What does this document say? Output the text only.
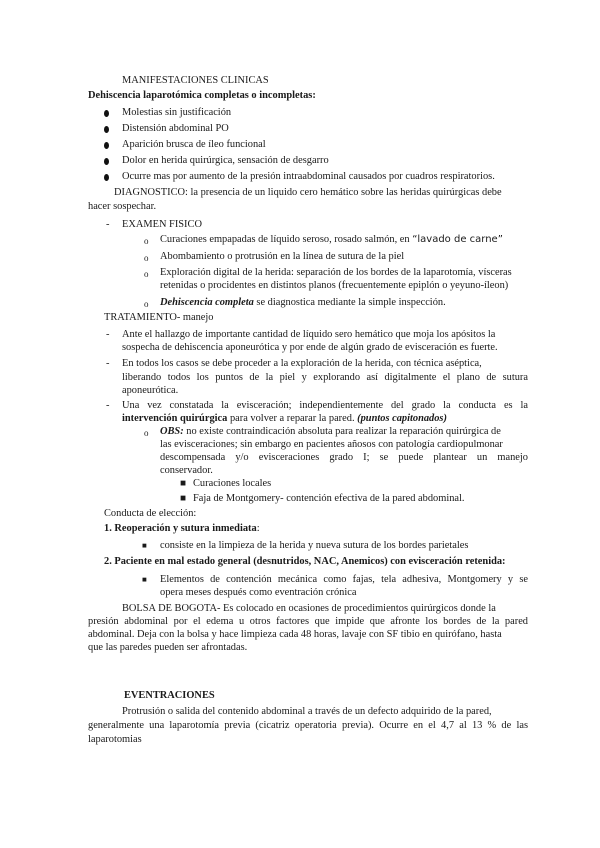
MANIFESTACIONES CLINICAS

Dehiscencia laparotómica completas o incompletas:

Molestias sin justificación

Distensión abdominal PO

Aparición brusca de íleo funcional

Dolor en herida quirúrgica, sensación de desgarro

Ocurre mas por aumento de la presión intraabdominal causados por cuadros respiratorios.

DIAGNOSTICO: la presencia de un liquido cero hemático sobre las heridas quirúrgicas debe

hacer sospechar.

- EXAMEN FISICO

o Curaciones empapadas de líquido seroso, rosado salmón, en “lavado de carne”

o Abombamiento o protrusión en la línea de sutura de la piel

o Exploración digital de la herida: separación de los bordes de la laparotomía, vísceras

retenidas o procidentes en distintos planos (frecuentemente epiplón o yeyuno-íleon)

o Dehiscencia completa se diagnostica mediante la simple inspección.

TRATAMIENTO- manejo

- Ante el hallazgo de importante cantidad de líquido sero hemático que moja los apósitos la

sospecha de dehiscencia aponeurótica y por ende de algún grado de evisceración es fuerte.

- En todos los casos se debe proceder a la exploración de la herida, con técnica aséptica,

liberando todos los puntos de la piel y explorando así digitalmente el plano de sutura

aponeurótica.

- Una vez constatada la evisceración; independientemente del grado la conducta es la

intervención quirúrgica para volver a reparar la pared. (puntos capitonados)

o OBS: no existe contraindicación absoluta para realizar la reparación quirúrgica de

las evisceraciones; sin embargo en pacientes añosos con patología cardiopulmonar

descompensada y/o evisceraciones grado I; se puede plantear un manejo

conservador.

■ Curaciones locales

■ Faja de Montgomery- contención efectiva de la pared abdominal.

Conducta de elección:

1. Reoperación y sutura inmediata:

■ consiste en la limpieza de la herida y nueva sutura de los bordes parietales

2. Paciente en mal estado general (desnutridos, NAC, Anemicos) con evisceración retenida:

■ Elementos de contención mecánica como fajas, tela adhesiva, Montgomery y se

opera meses después como eventración crónica

BOLSA DE BOGOTA- Es colocado en ocasiones de procedimientos quirúrgicos donde la

presión abdominal por el edema u otros factores que impide que afronte los bordes de la pared

abdominal. Deja con la bolsa y hace limpieza cada 48 horas, lavaje con SF tibio en quirófano, hasta

que las paredes pueden ser afrontadas.

EVENTRACIONES

Protrusión o salida del contenido abdominal a través de un defecto adquirido de la pared,

generalmente una laparotomía previa (cicatriz operatoria previa). Ocurre en el 4,7 al 13 % de las

laparotomias
